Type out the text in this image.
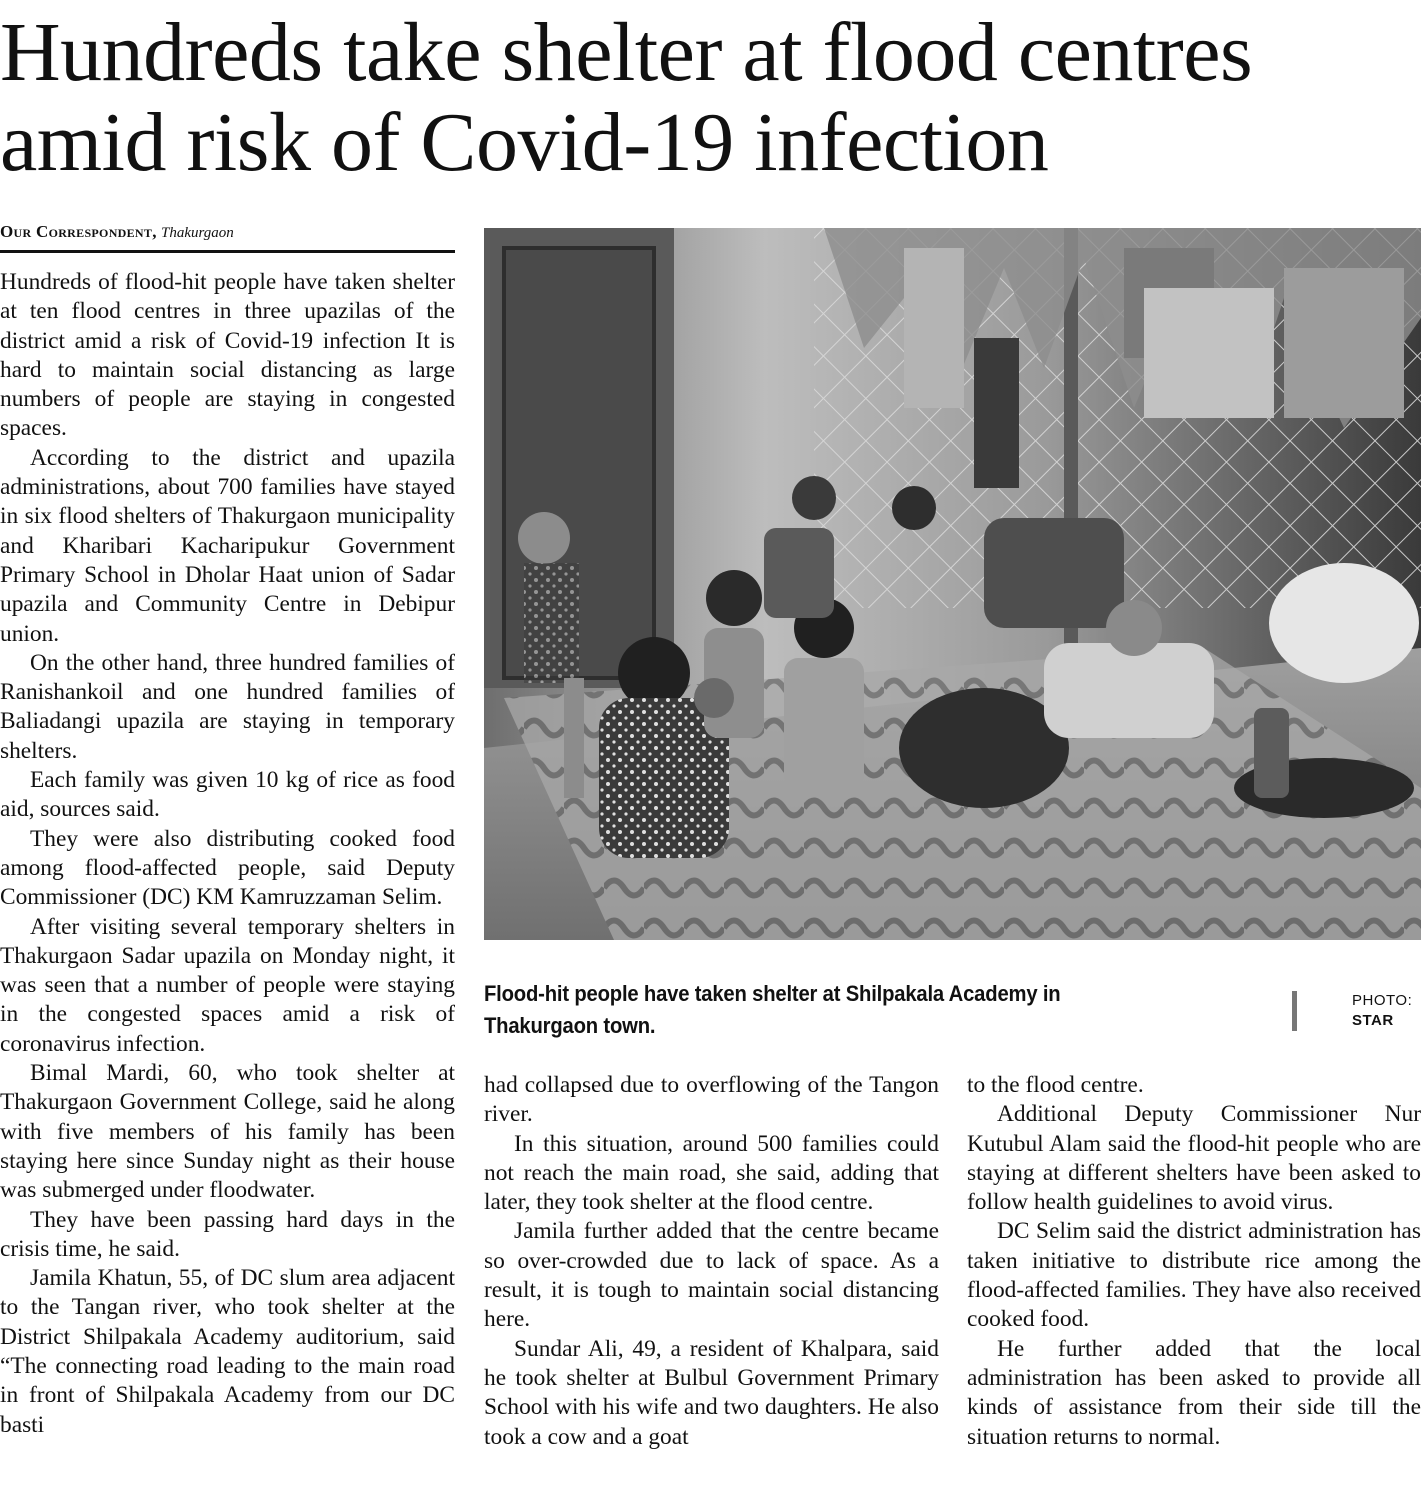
Hundreds take shelter at flood centres
amid risk of Covid-19 infection
Our Correspondent, Thakurgaon

Hundreds of flood-hit people have taken shelter at ten flood centres in three upazilas of the district amid a risk of Covid-19 infection It is hard to maintain social distancing as large numbers of people are staying in congested spaces.

According to the district and upazila administrations, about 700 families have stayed in six flood shelters of Thakurgaon municipality and Kharibari Kacharipukur Government Primary School in Dholar Haat union of Sadar upazila and Community Centre in Debipur union.

On the other hand, three hundred families of Ranishankoil and one hundred families of Baliadangi upazila are staying in temporary shelters.

Each family was given 10 kg of rice as food aid, sources said.

They were also distributing cooked food among flood-affected people, said Deputy Commissioner (DC) KM Kamruzzaman Selim.

After visiting several temporary shelters in Thakurgaon Sadar upazila on Monday night, it was seen that a number of people were staying in the congested spaces amid a risk of coronavirus infection.

Bimal Mardi, 60, who took shelter at Thakurgaon Government College, said he along with five members of his family has been staying here since Sunday night as their house was submerged under floodwater.

They have been passing hard days in the crisis time, he said.

Jamila Khatun, 55, of DC slum area adjacent to the Tangan river, who took shelter at the District Shilpakala Academy auditorium, said “The connecting road leading to the main road in front of Shilpakala Academy from our DC basti

Flood-hit people have taken shelter at Shilpakala Academy in Thakurgaon town.
PHOTO:
STAR

had collapsed due to overflowing of the Tangon river.

In this situation, around 500 families could not reach the main road, she said, adding that later, they took shelter at the flood centre.

Jamila further added that the centre became so over-crowded due to lack of space. As a result, it is tough to maintain social distancing here.

Sundar Ali, 49, a resident of Khalpara, said he took shelter at Bulbul Government Primary School with his wife and two daughters. He also took a cow and a goat

to the flood centre.

Additional Deputy Commissioner Nur Kutubul Alam said the flood-hit people who are staying at different shelters have been asked to follow health guidelines to avoid virus.

DC Selim said the district administration has taken initiative to distribute rice among the flood-affected families. They have also received cooked food.

He further added that the local administration has been asked to provide all kinds of assistance from their side till the situation returns to normal.
